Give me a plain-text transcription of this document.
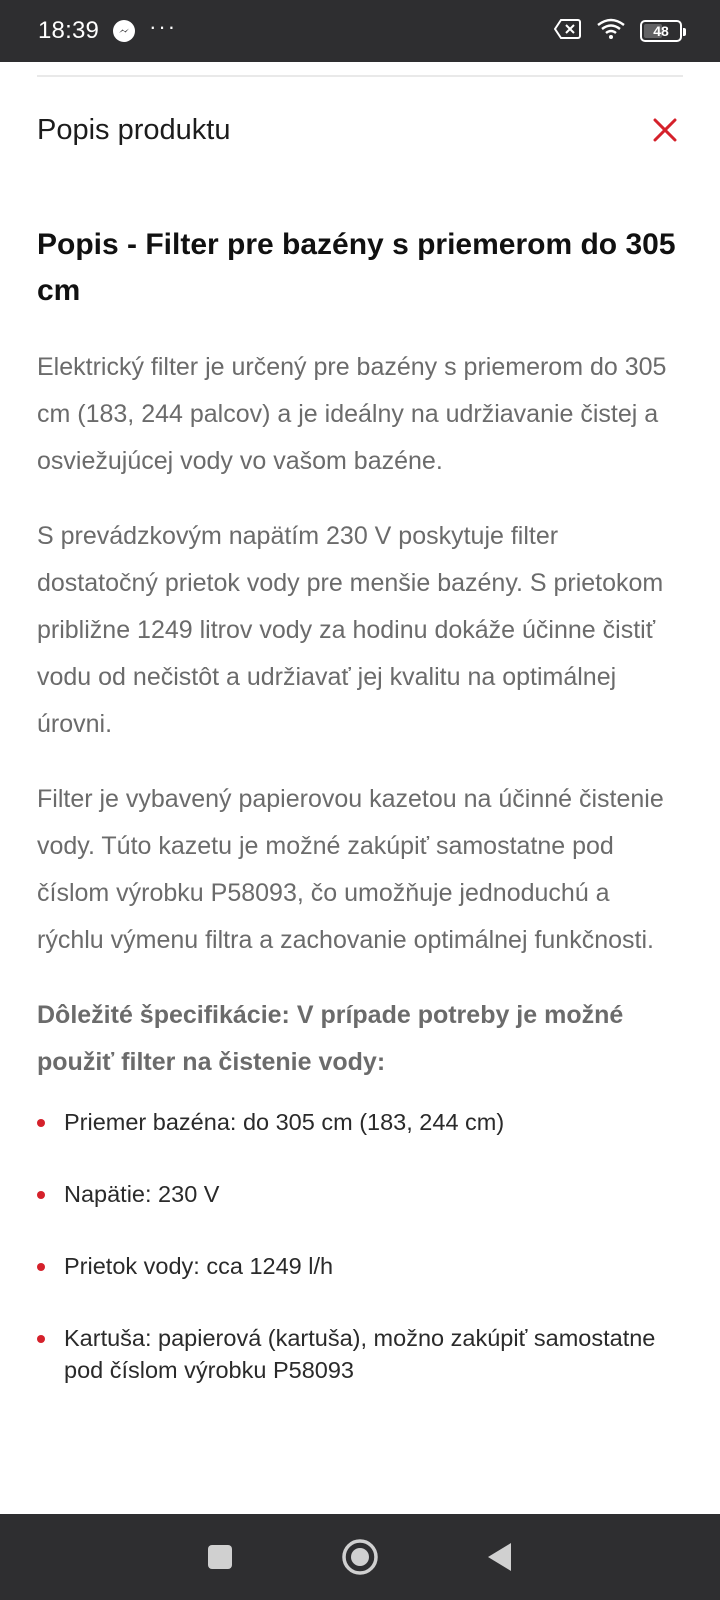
18:39 ···	48
Popis produktu
Popis - Filter pre bazény s priemerom do 305 cm

Elektrický filter je určený pre bazény s priemerom do 305 cm (183, 244 palcov) a je ideálny na udržiavanie čistej a osviežujúcej vody vo vašom bazéne.

S prevádzkovým napätím 230 V poskytuje filter dostatočný prietok vody pre menšie bazény. S prietokom približne 1249 litrov vody za hodinu dokáže účinne čistiť vodu od nečistôt a udržiavať jej kvalitu na optimálnej úrovni.

Filter je vybavený papierovou kazetou na účinné čistenie vody. Túto kazetu je možné zakúpiť samostatne pod číslom výrobku P58093, čo umožňuje jednoduchú a rýchlu výmenu filtra a zachovanie optimálnej funkčnosti.

Dôležité špecifikácie: V prípade potreby je možné použiť filter na čistenie vody:

Priemer bazéna: do 305 cm (183, 244 cm)
Napätie: 230 V
Prietok vody: cca 1249 l/h
Kartuša: papierová (kartuša), možno zakúpiť samostatne pod číslom výrobku P58093
